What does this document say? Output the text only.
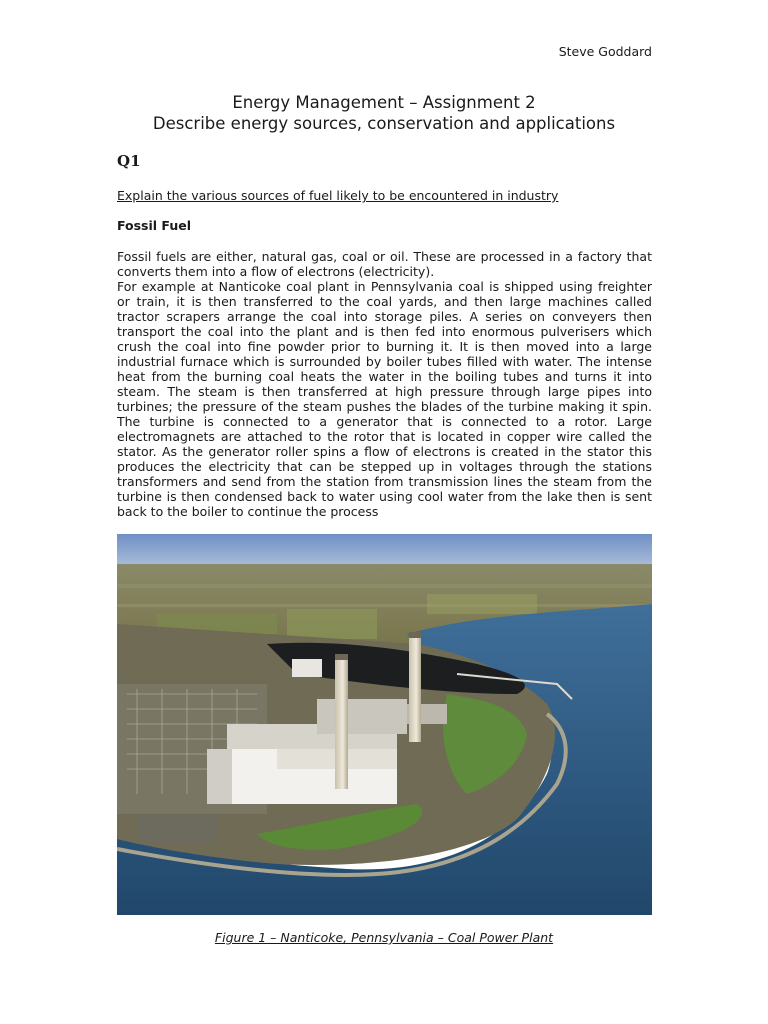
Steve Goddard
Energy Management – Assignment 2
Describe energy sources, conservation and applications
Q1
Explain the various sources of fuel likely to be encountered in industry
Fossil Fuel

Fossil fuels are either, natural gas, coal or oil. These are processed in a factory that converts them into a flow of electrons (electricity).

For example at Nanticoke coal plant in Pennsylvania coal is shipped using freighter or train, it is then transferred to the coal yards, and then large machines called tractor scrapers arrange the coal into storage piles. A series on conveyers then transport the coal into the plant and is then fed into enormous pulverisers which crush the coal into fine powder prior to burning it. It is then moved into a large industrial furnace which is surrounded by boiler tubes filled with water. The intense heat from the burning coal heats the water in the boiling tubes and turns it into steam. The steam is then transferred at high pressure through large pipes into turbines; the pressure of the steam pushes the blades of the turbine making it spin. The turbine is connected to a generator that is connected to a rotor. Large electromagnets are attached to the rotor that is located in copper wire called the stator. As the generator roller spins a flow of electrons is created in the stator this produces the electricity that can be stepped up in voltages through the stations transformers and send from the station from transmission lines the steam from the turbine is then condensed back to water using cool water from the lake then is sent back to the boiler to continue the process

Figure 1 – Nanticoke, Pennsylvania – Coal Power Plant
